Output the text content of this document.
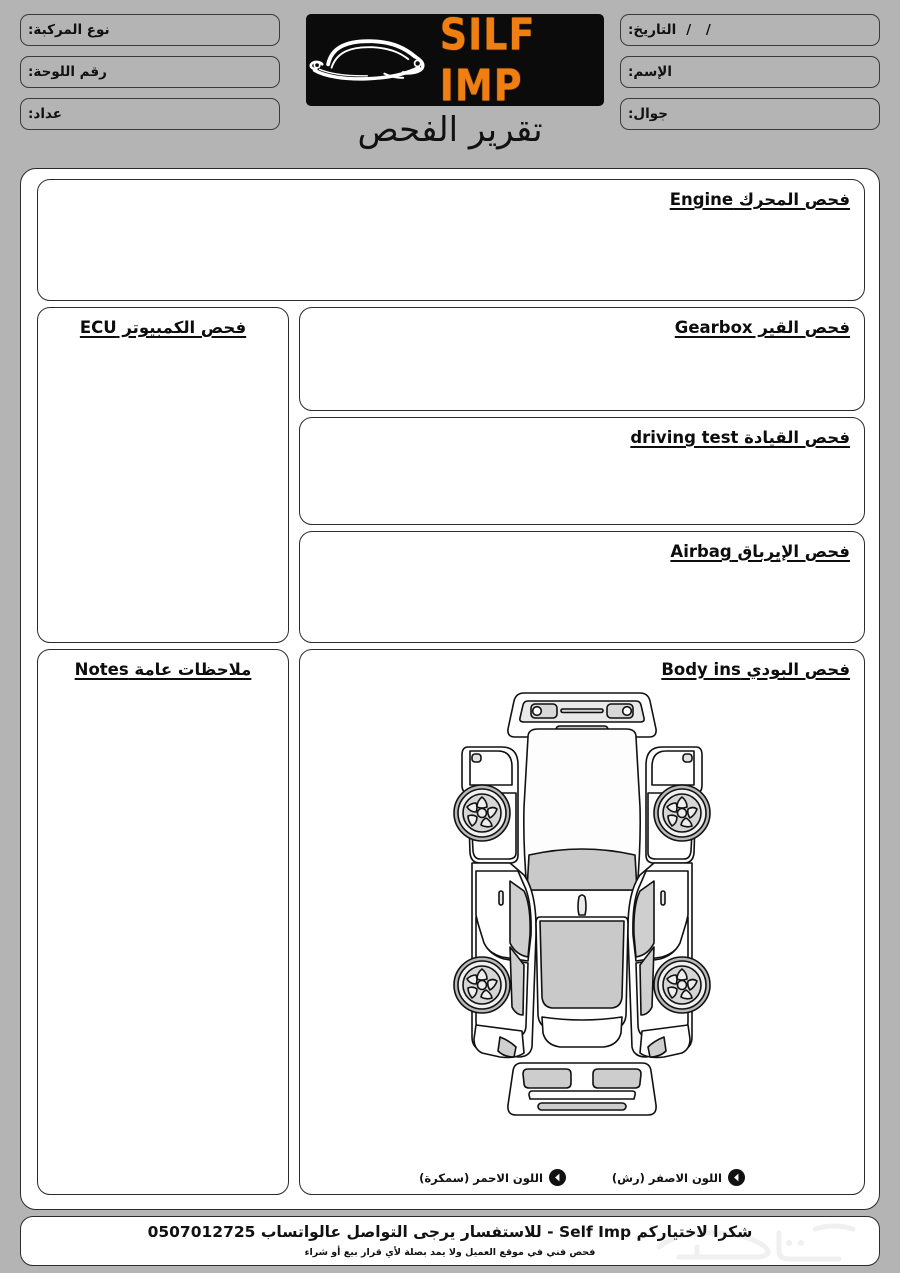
نوع المركبة:
رقم اللوحة:
عداد:
SILF IMP
/ /
التاريخ:
الإسم:
جوال:
تقرير الفحص
فحص المحرك Engine
فحص الكمبيوتر ECU	فحص القير Gearbox
فحص القيادة driving test
فحص الإيرباق Airbag
ملاحظات عامة Notes	فحص البودي Body ins
اللون الاصفر (رش)
اللون الاحمر (سمكرة)
شكرا لاختياركم Self Imp - للاستفسار يرجى التواصل عالواتساب 0507012725
فحص فني في موقع العميل ولا يمد بصلة لأي قرار بيع أو شراء
